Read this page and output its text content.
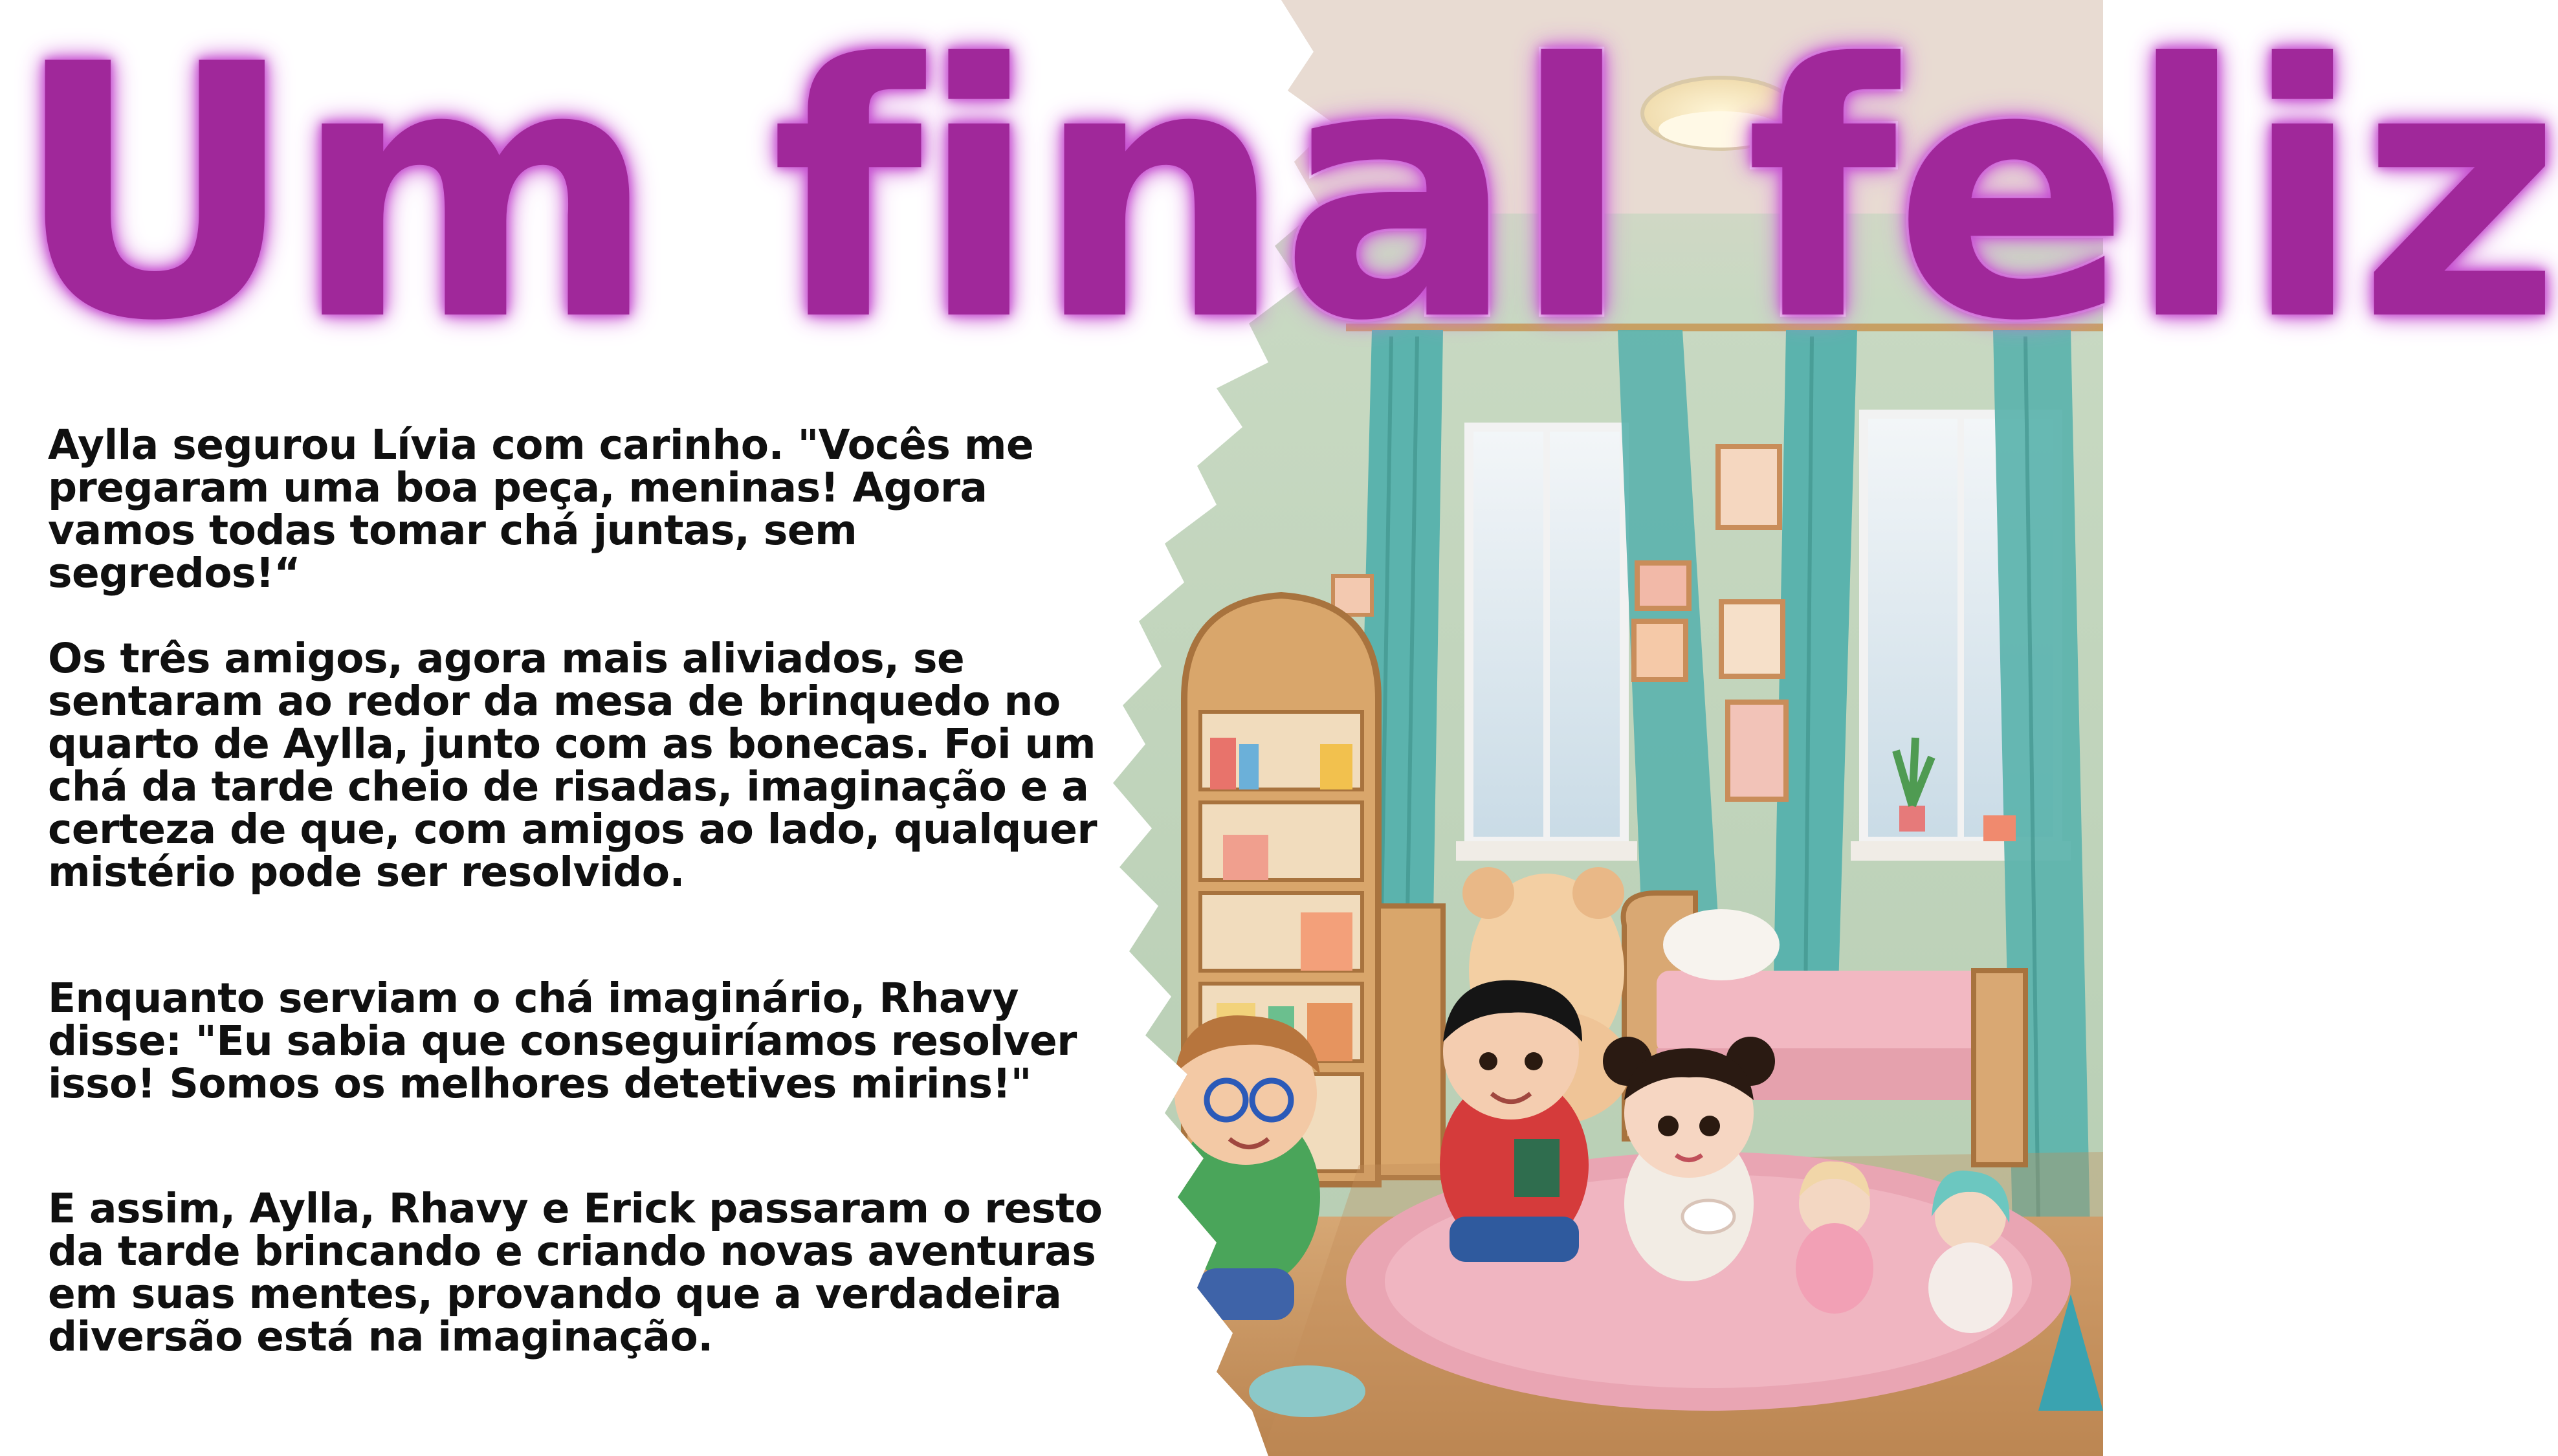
Um final feliz

Aylla segurou Lívia com carinho. "Vocês me
pregaram uma boa peça, meninas! Agora
vamos todas tomar chá juntas, sem segredos!“

Os três amigos, agora mais aliviados, se
sentaram ao redor da mesa de brinquedo no
quarto de Aylla, junto com as bonecas. Foi um
chá da tarde cheio de risadas, imaginação e a
certeza de que, com amigos ao lado, qualquer
mistério pode ser resolvido.

Enquanto serviam o chá imaginário, Rhavy
disse: "Eu sabia que conseguiríamos resolver
isso! Somos os melhores detetives mirins!"

E assim, Aylla, Rhavy e Erick passaram o resto
da tarde brincando e criando novas aventuras
em suas mentes, provando que a verdadeira
diversão está na imaginação.
